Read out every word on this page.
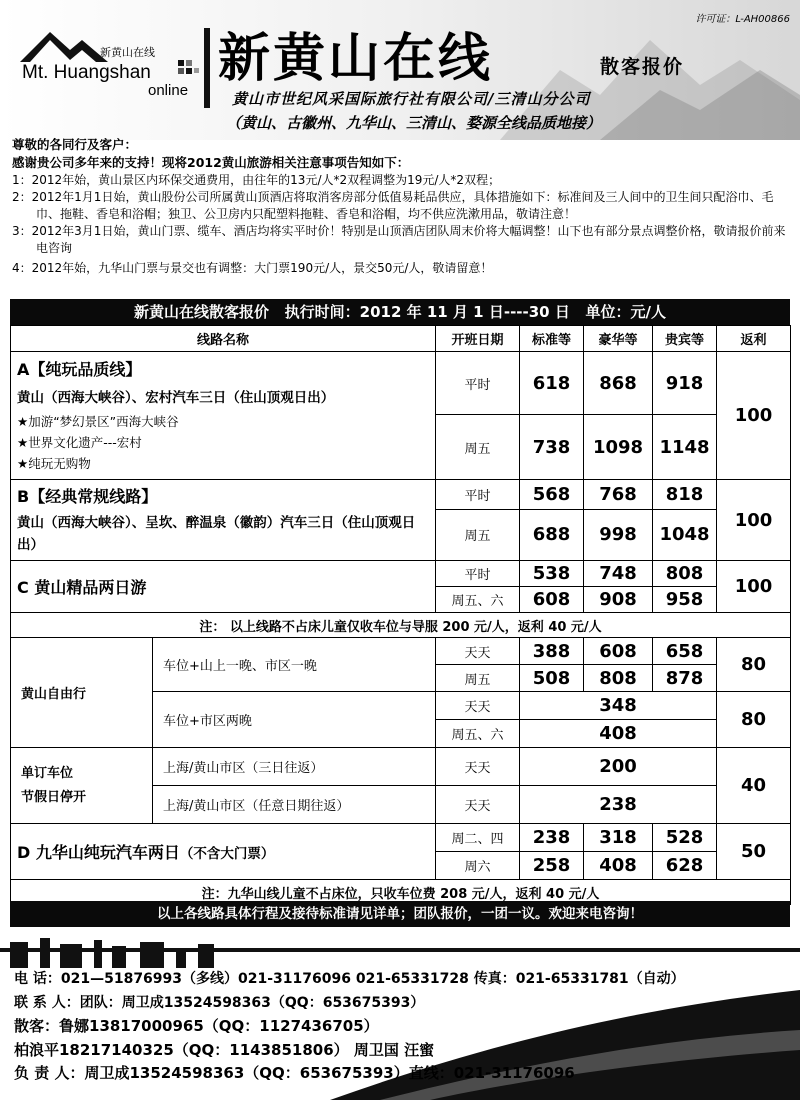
许可证：L-AH00866
新黄山在线
Mt. Huangshan
online
新黄山在线	散客报价
黄山市世纪风采国际旅行社有限公司/三清山分公司
（黄山、古徽州、九华山、三清山、婺源全线品质地接）
尊敬的各同行及客户：
感谢贵公司多年来的支持！现将2012黄山旅游相关注意事项告知如下：
1：2012年始，黄山景区内环保交通费用，由往年的13元/人*2双程调整为19元/人*2双程；
2：2012年1月1日始，黄山股份公司所属黄山顶酒店将取消客房部分低值易耗品供应，具体措施如下：标准间及三人间中的卫生间只配浴巾、毛巾、拖鞋、香皂和浴帽；独卫、公卫房内只配塑料拖鞋、香皂和浴帽，均不供应洗漱用品，敬请注意！
3：2012年3月1日始，黄山门票、缆车、酒店均将实平时价！特别是山顶酒店团队周末价将大幅调整！山下也有部分景点调整价格，敬请报价前来电咨询
4：2012年始，九华山门票与景交也有调整：大门票190元/人，景交50元/人，敬请留意！
新黄山在线散客报价   执行时间：2012 年 11 月 1 日----30 日   单位：元/人
线路名称		开班日期	标准等	豪华等	贵宾等	返利

A【纯玩品质线】
黄山（西海大峡谷）、宏村汽车三日（住山顶观日出）
★加游“梦幻景区”西海大峡谷
★世界文化遗产---宏村
★纯玩无购物		平时	618	868	918	100
		周五	738	1098	1148	

B【经典常规线路】
黄山（西海大峡谷）、呈坎、醉温泉（徽韵）汽车三日（住山顶观日出）		平时	568	768	818	100
		周五	688	998	1048	

C 黄山精品两日游		平时	538	748	808	100
		周五、六	608	908	958	
注： 以上线路不占床儿童仅收车位与导服 200 元/人，返利 40 元/人						
黄山自由行	车位+山上一晚、市区一晚	天天	388	608	658	80
		周五	508	808	878	
	车位+市区两晚	天天	348			80
		周五、六	408			

单订车位
节假日停开	上海/黄山市区（三日往返）	天天	200			40
	上海/黄山市区（任意日期往返）	天天	238			
D 九华山纯玩汽车两日（不含大门票）		周二、四	238	318	528	50
		周六	258	408	628	
注：九华山线儿童不占床位，只收车位费 208 元/人，返利 40 元/人						
以上各线路具体行程及接待标准请见详单；团队报价，一团一议。欢迎来电咨询！
电 话：021—51876993（多线）021-31176096 021-65331728 传真：021-65331781（自动）
联 系 人：团队：周卫成13524598363（QQ：653675393）
散客：鲁娜13817000965（QQ：1127436705）
柏浪平18217140325（QQ：1143851806） 周卫国 汪蜜
负 责 人：周卫成13524598363（QQ：653675393）直线：021-31176096
